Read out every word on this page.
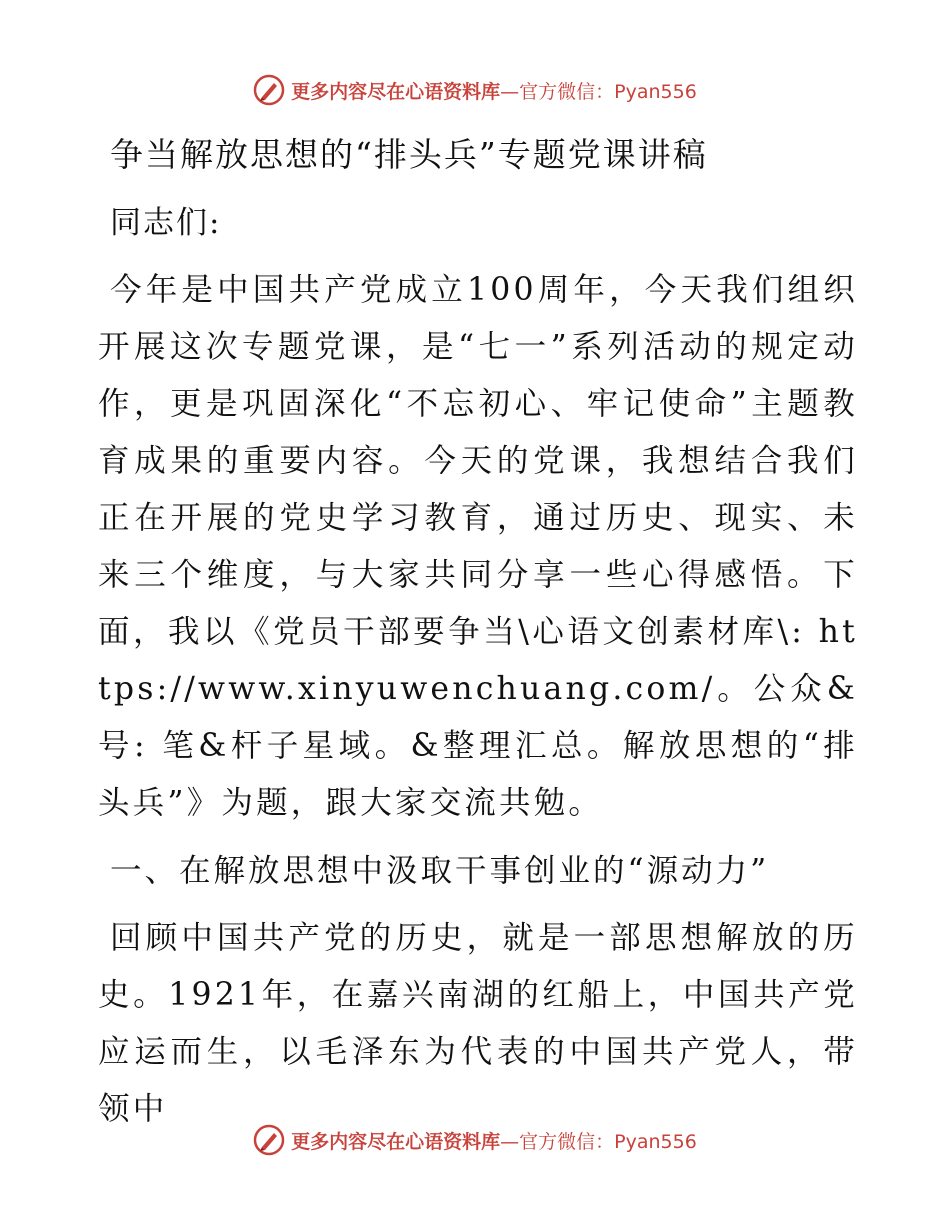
更多内容尽在心语资料库—官方微信：Pyan556
争当解放思想的“排头兵”专题党课讲稿
同志们:
今年是中国共产党成立100周年，今天我们组织开展这次专题党课，是“七一”系列活动的规定动作，更是巩固深化“不忘初心、牢记使命”主题教育成果的重要内容。今天的党课，我想结合我们正在开展的党史学习教育，通过历史、现实、未来三个维度，与大家共同分享一些心得感悟。下面，我以《党员干部要争当\心语文创素材库\: https://www.xinyuwenchuang.com/。公众&号: 笔&杆子星域。&整理汇总。解放思想的“排头兵”》为题，跟大家交流共勉。
一、在解放思想中汲取干事创业的“源动力”
回顾中国共产党的历史，就是一部思想解放的历史。1921年，在嘉兴南湖的红船上，中国共产党应运而生，以毛泽东为代表的中国共产党人，带领中
更多内容尽在心语资料库—官方微信：Pyan556
